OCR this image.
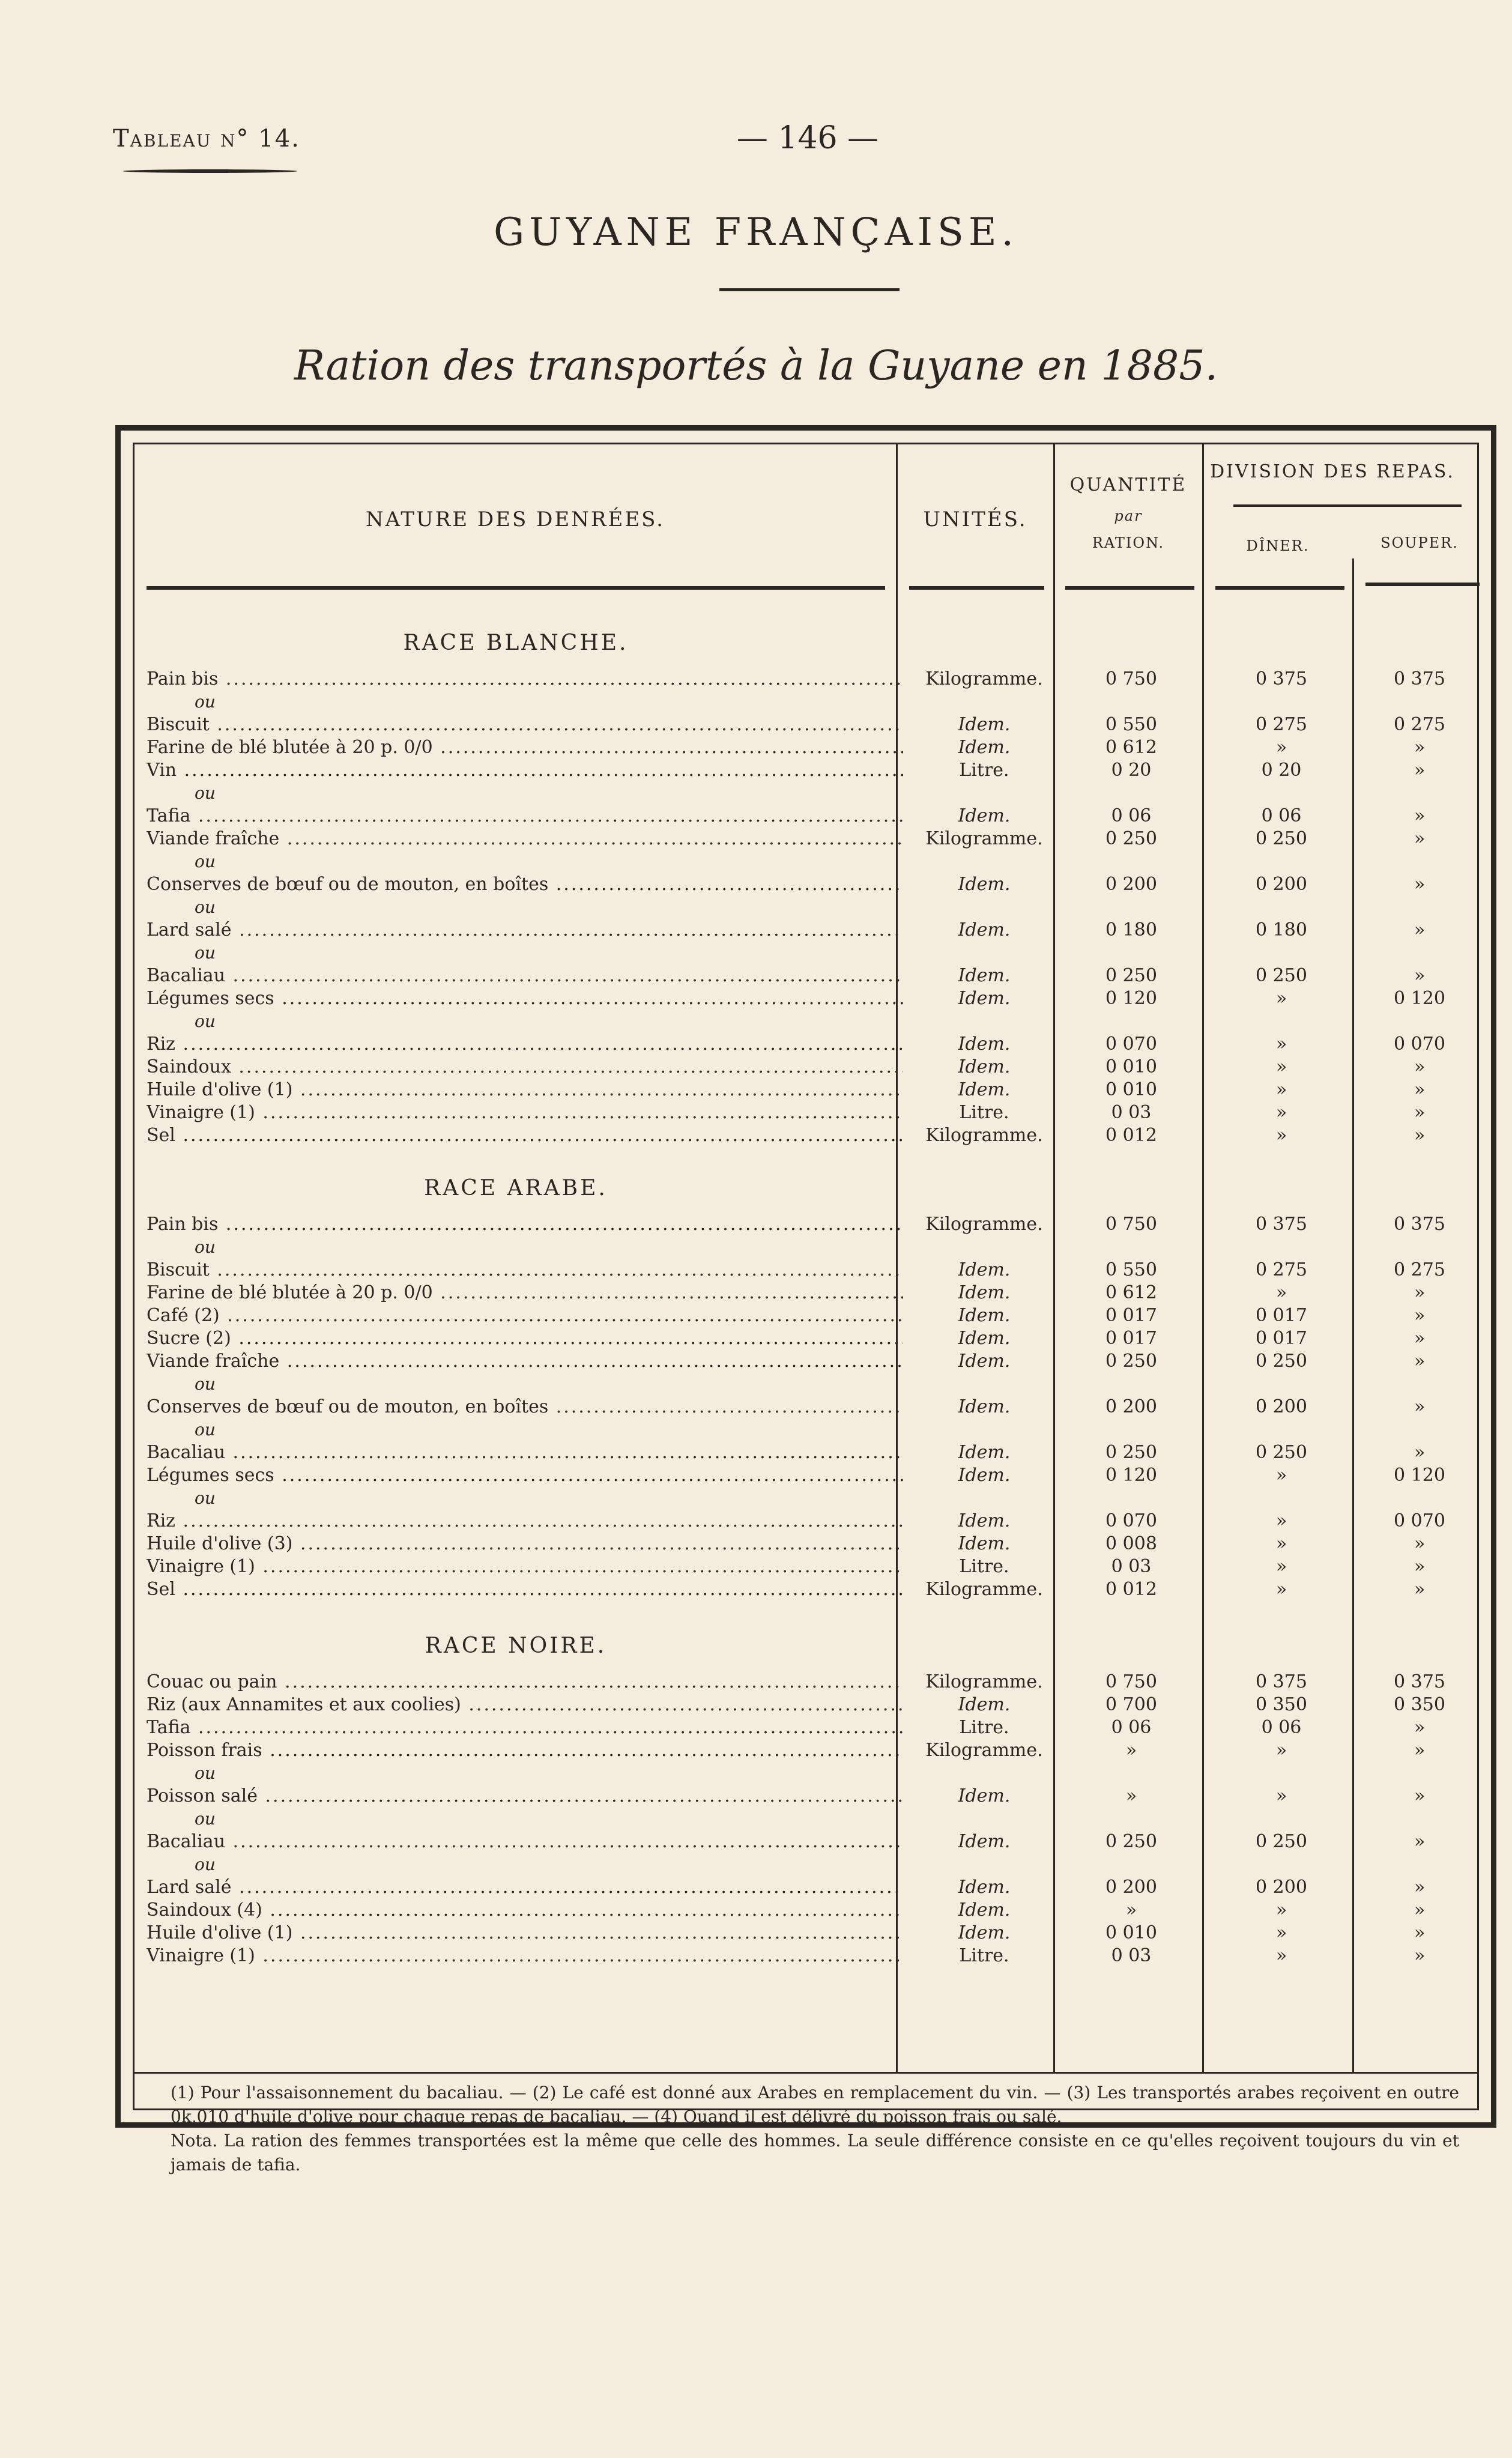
Tableau n° 14.	— 146 —
GUYANE FRANÇAISE.
Ration des transportés à la Guyane en 1885.
NATURE DES DENRÉES.	UNITÉS.
QUANTITÉ
par
RATION.
DIVISION DES REPAS.
DÎNER.	SOUPER.
RACE BLANCHE.
Pain bis .....	Kilogramme.	0 750	0 375	0 375
ou
Biscuit .....	Idem.	0 550	0 275	0 275
Farine de blé blutée à 20 p. 0/0 .....	Idem.	0 612	»	»
Vin .....	Litre.	0 20	0 20	»
ou
Tafia .....	Idem.	0 06	0 06	»
Viande fraîche .....	Kilogramme.	0 250	0 250	»
ou
Conserves de bœuf ou de mouton, en boîtes .....	Idem.	0 200	0 200	»
ou
Lard salé .....	Idem.	0 180	0 180	»
ou
Bacaliau .....	Idem.	0 250	0 250	»
Légumes secs .....	Idem.	0 120	»	0 120
ou
Riz .....	Idem.	0 070	»	0 070
Saindoux .....	Idem.	0 010	»	»
Huile d'olive (1) .....	Idem.	0 010	»	»
Vinaigre (1) .....	Litre.	0 03	»	»
Sel .....	Kilogramme.	0 012	»	»
RACE ARABE.
Pain bis .....	Kilogramme.	0 750	0 375	0 375
ou
Biscuit .....	Idem.	0 550	0 275	0 275
Farine de blé blutée à 20 p. 0/0 .....	Idem.	0 612	»	»
Café (2) .....	Idem.	0 017	0 017	»
Sucre (2) .....	Idem.	0 017	0 017	»
Viande fraîche .....	Idem.	0 250	0 250	»
ou
Conserves de bœuf ou de mouton, en boîtes .....	Idem.	0 200	0 200	»
ou
Bacaliau .....	Idem.	0 250	0 250	»
Légumes secs .....	Idem.	0 120	»	0 120
ou
Riz .....	Idem.	0 070	»	0 070
Huile d'olive (3) .....	Idem.	0 008	»	»
Vinaigre (1) .....	Litre.	0 03	»	»
Sel .....	Kilogramme.	0 012	»	»
RACE NOIRE.
Couac ou pain .....	Kilogramme.	0 750	0 375	0 375
Riz (aux Annamites et aux coolies) .....	Idem.	0 700	0 350	0 350
Tafia .....	Litre.	0 06	0 06	»
Poisson frais .....	Kilogramme.	»	»	»
ou
Poisson salé .....	Idem.	»	»	»
ou
Bacaliau .....	Idem.	0 250	0 250	»
ou
Lard salé .....	Idem.	0 200	0 200	»
Saindoux (4) .....	Idem.	»	»	»
Huile d'olive (1) .....	Idem.	0 010	»	»
Vinaigre (1) .....	Litre.	0 03	»	»
(1) Pour l'assaisonnement du bacaliau. — (2) Le café est donné aux Arabes en remplacement du vin. — (3) Les transportés arabes reçoivent en outre 0k,010 d'huile d'olive pour chaque repas de bacaliau. — (4) Quand il est délivré du poisson frais ou salé.
Nota. La ration des femmes transportées est la même que celle des hommes. La seule différence consiste en ce qu'elles reçoivent toujours du vin et jamais de tafia.
